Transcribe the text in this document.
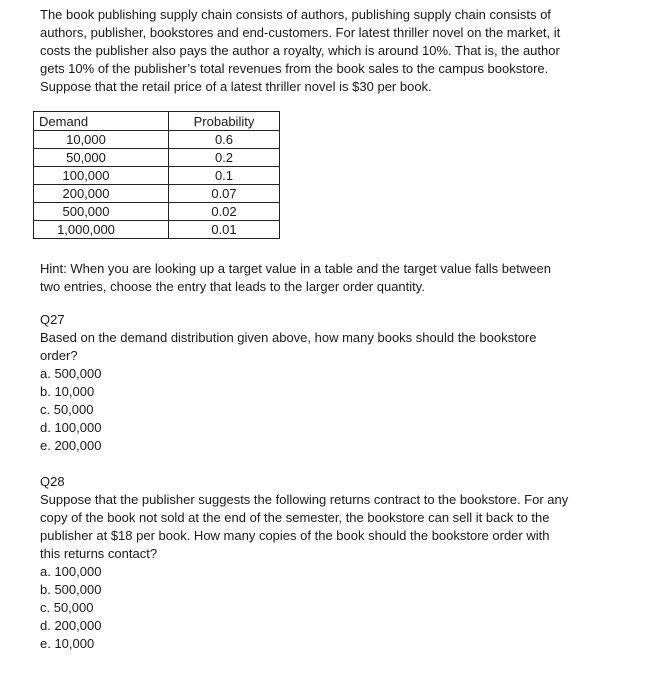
The book publishing supply chain consists of authors, publishing supply chain consists of

authors, publisher, bookstores and end-customers. For latest thriller novel on the market, it

costs the publisher also pays the author a royalty, which is around 10%. That is, the author

gets 10% of the publisher’s total revenues from the book sales to the campus bookstore.

Suppose that the retail price of a latest thriller novel is $30 per book.

Demand	Probability
10,000	0.6
50,000	0.2
100,000	0.1
200,000	0.07
500,000	0.02
1,000,000	0.01

Hint: When you are looking up a target value in a table and the target value falls between

two entries, choose the entry that leads to the larger order quantity.

Q27

Based on the demand distribution given above, how many books should the bookstore

order?

a. 500,000
b. 10,000
c. 50,000
d. 100,000
e. 200,000

Q28

Suppose that the publisher suggests the following returns contract to the bookstore. For any

copy of the book not sold at the end of the semester, the bookstore can sell it back to the

publisher at $18 per book. How many copies of the book should the bookstore order with

this returns contact?

a. 100,000
b. 500,000
c. 50,000
d. 200,000
e. 10,000
